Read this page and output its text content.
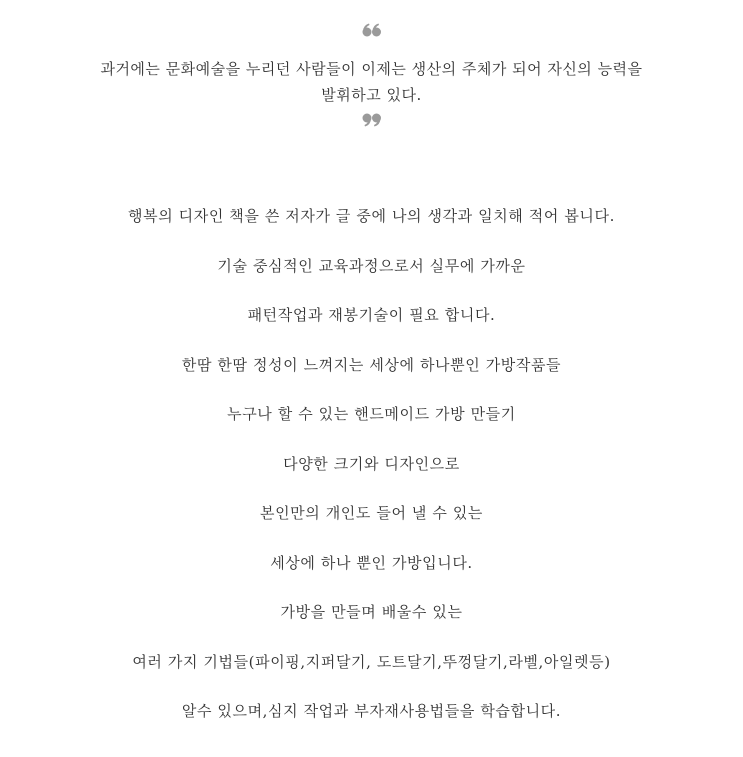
과거에는 문화예술을 누리던 사람들이 이제는 생산의 주체가 되어 자신의 능력을 발휘하고 있다.
행복의 디자인 책을 쓴 저자가 글 중에 나의 생각과 일치해 적어 봅니다.
기술 중심적인 교육과정으로서 실무에 가까운
패턴작업과 재봉기술이 필요 합니다.
한땀 한땀 정성이 느껴지는 세상에 하나뿐인 가방작품들
누구나 할 수 있는 핸드메이드 가방 만들기
다양한 크기와 디자인으로
본인만의 개인도 들어 낼 수 있는
세상에 하나 뿐인 가방입니다.
가방을 만들며 배울수 있는
여러 가지 기법들(파이핑,지퍼달기, 도트달기,뚜껑달기,라벨,아일렛등)
알수 있으며,심지 작업과 부자재사용법들을 학습합니다.
